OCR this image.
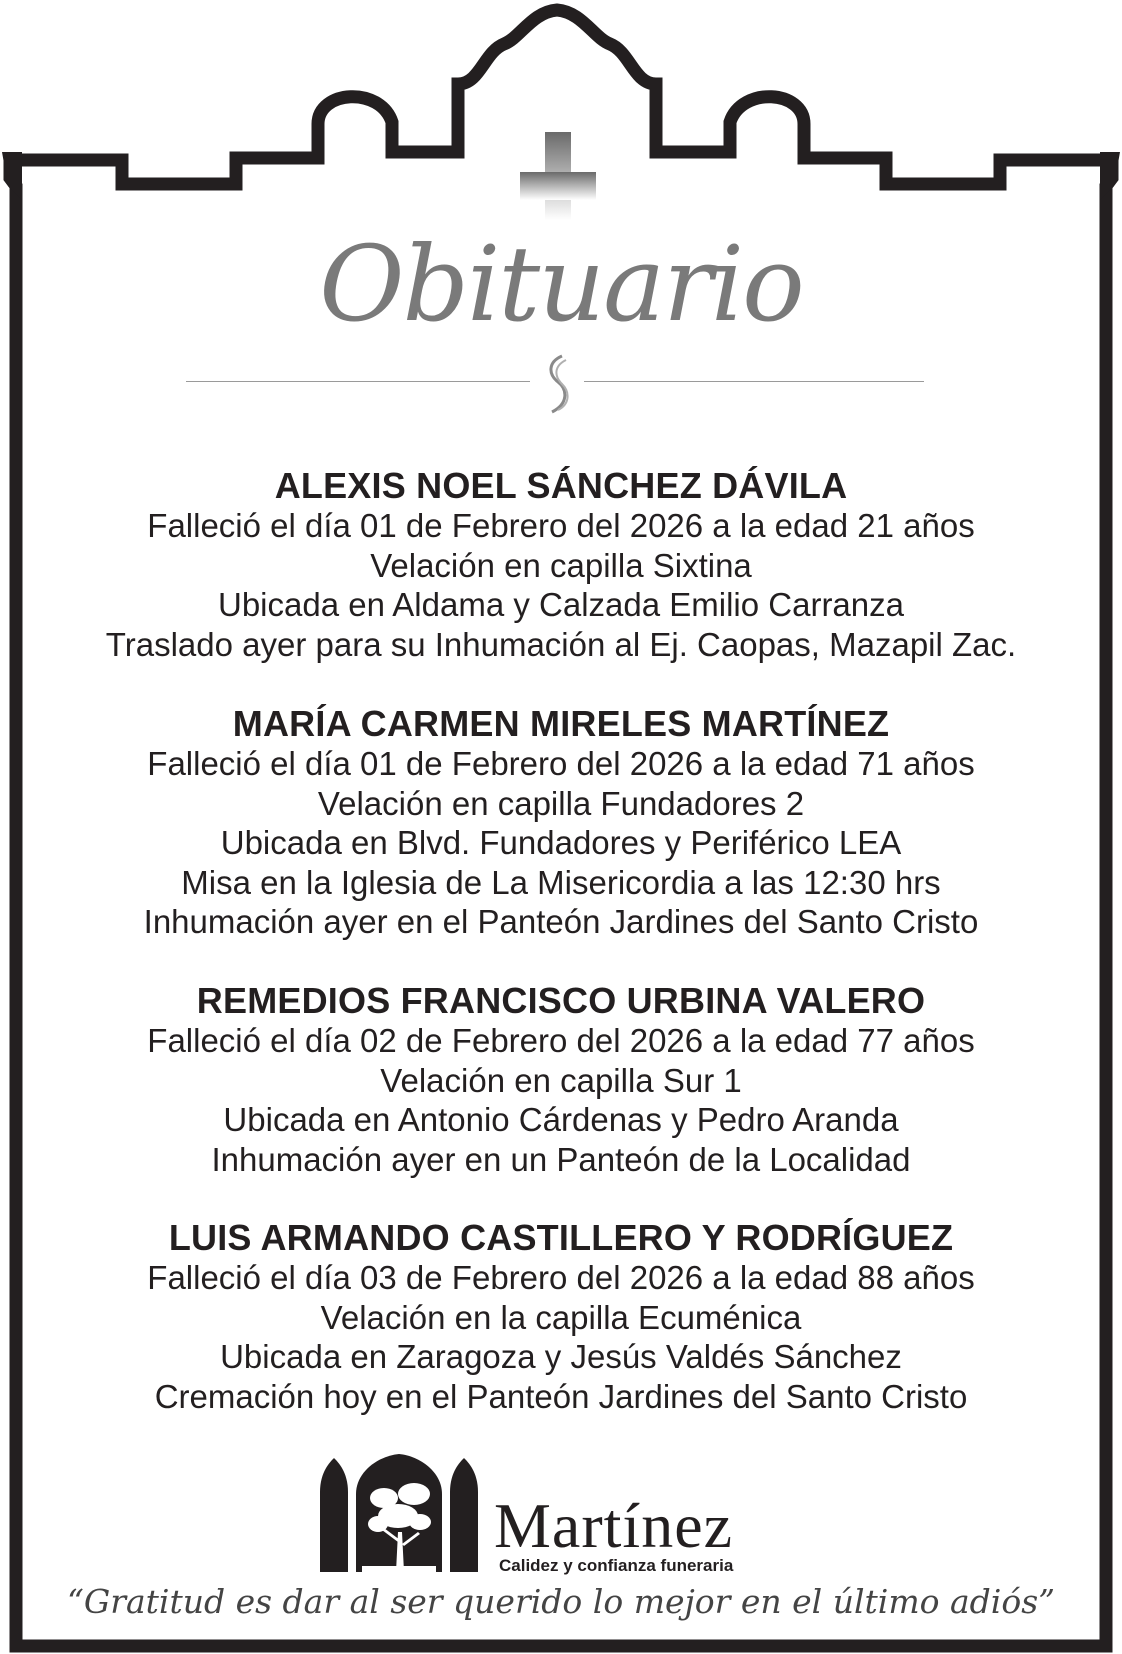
Obituario
ALEXIS NOEL SÁNCHEZ DÁVILA
Falleció el día 01 de Febrero del 2026 a la edad 21 años
Velación en capilla Sixtina
Ubicada en Aldama y Calzada Emilio Carranza
Traslado ayer para su Inhumación al Ej. Caopas, Mazapil Zac.
MARÍA CARMEN MIRELES MARTÍNEZ
Falleció el día 01 de Febrero del 2026 a la edad 71 años
Velación en capilla Fundadores 2
Ubicada en Blvd. Fundadores y Periférico LEA
Misa en la Iglesia de La Misericordia a las 12:30 hrs
Inhumación ayer en el Panteón Jardines del Santo Cristo
REMEDIOS FRANCISCO URBINA VALERO
Falleció el día 02 de Febrero del 2026 a la edad 77 años
Velación en capilla Sur 1
Ubicada en Antonio Cárdenas y Pedro Aranda
Inhumación ayer en un Panteón de la Localidad
LUIS ARMANDO CASTILLERO Y RODRÍGUEZ
Falleció el día 03 de Febrero del 2026 a la edad 88 años
Velación en la capilla Ecuménica
Ubicada en Zaragoza y Jesús Valdés Sánchez
Cremación hoy en el Panteón Jardines del Santo Cristo
Martínez
Calidez y confianza funeraria
“Gratitud es dar al ser querido lo mejor en el último adiós”
